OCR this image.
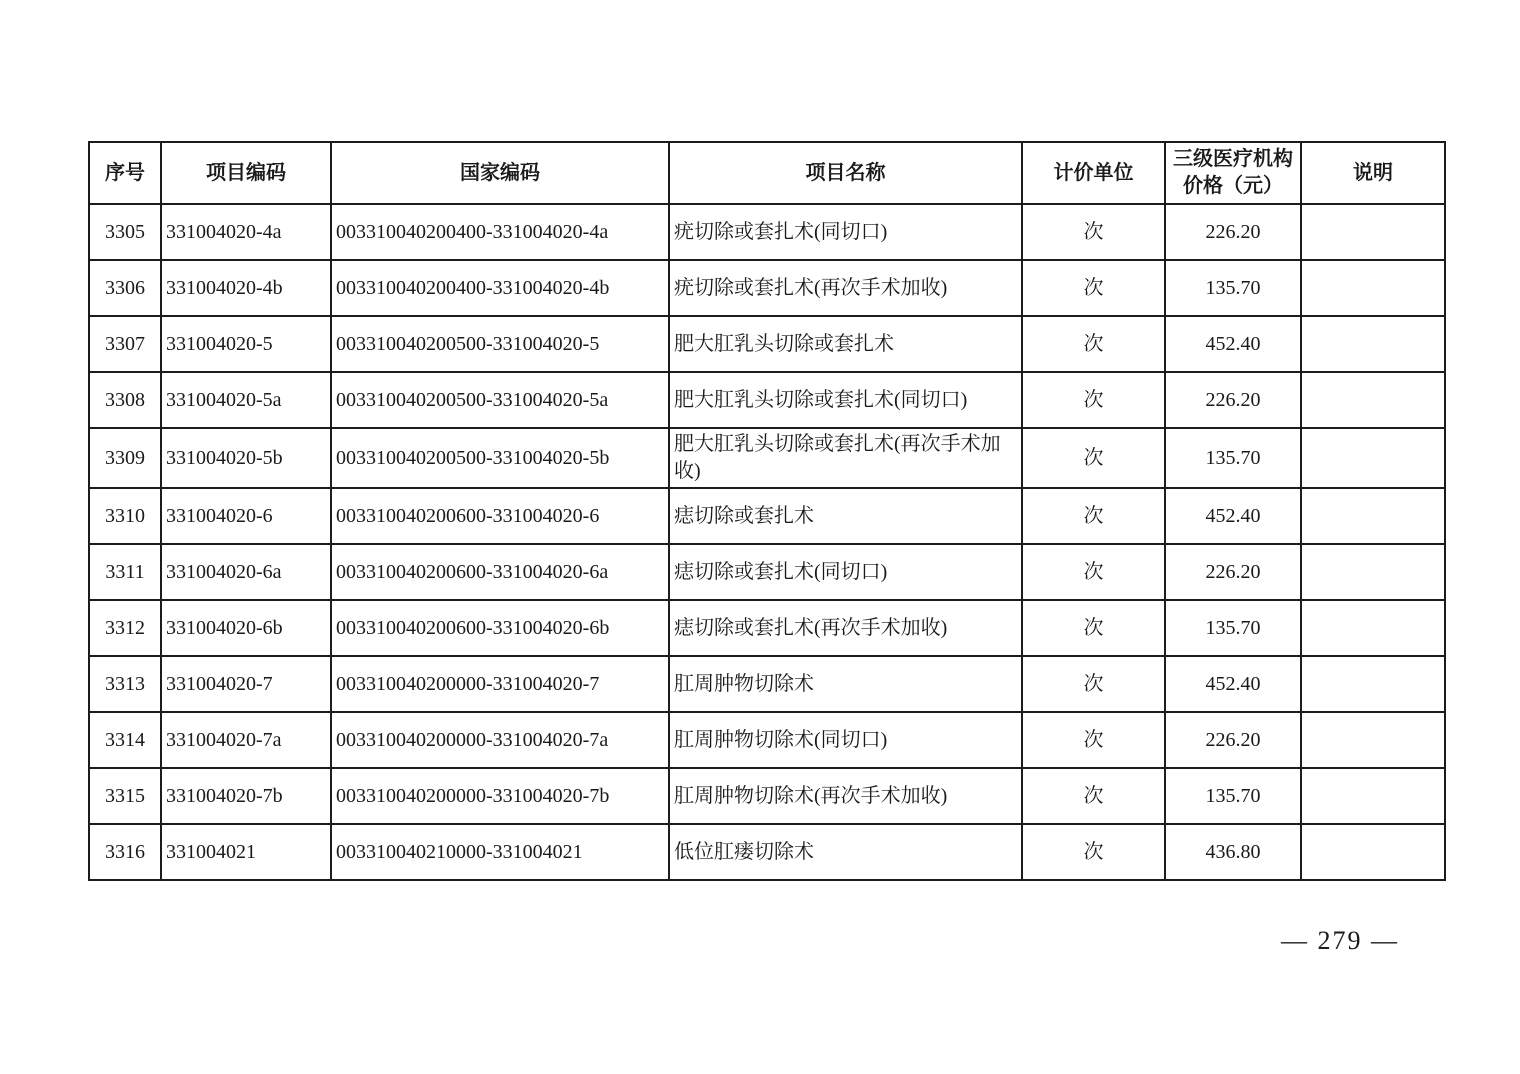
序号	项目编码	国家编码	项目名称	计价单位	三级医疗机构价格（元）	说明
3305	331004020-4a	003310040200400-331004020-4a	疣切除或套扎术(同切口)	次	226.20	
3306	331004020-4b	003310040200400-331004020-4b	疣切除或套扎术(再次手术加收)	次	135.70	
3307	331004020-5	003310040200500-331004020-5	肥大肛乳头切除或套扎术	次	452.40	
3308	331004020-5a	003310040200500-331004020-5a	肥大肛乳头切除或套扎术(同切口)	次	226.20	
3309	331004020-5b	003310040200500-331004020-5b	肥大肛乳头切除或套扎术(再次手术加收)	次	135.70	
3310	331004020-6	003310040200600-331004020-6	痣切除或套扎术	次	452.40	
3311	331004020-6a	003310040200600-331004020-6a	痣切除或套扎术(同切口)	次	226.20	
3312	331004020-6b	003310040200600-331004020-6b	痣切除或套扎术(再次手术加收)	次	135.70	
3313	331004020-7	003310040200000-331004020-7	肛周肿物切除术	次	452.40	
3314	331004020-7a	003310040200000-331004020-7a	肛周肿物切除术(同切口)	次	226.20	
3315	331004020-7b	003310040200000-331004020-7b	肛周肿物切除术(再次手术加收)	次	135.70	
3316	331004021	003310040210000-331004021	低位肛瘘切除术	次	436.80	
— 279 —
